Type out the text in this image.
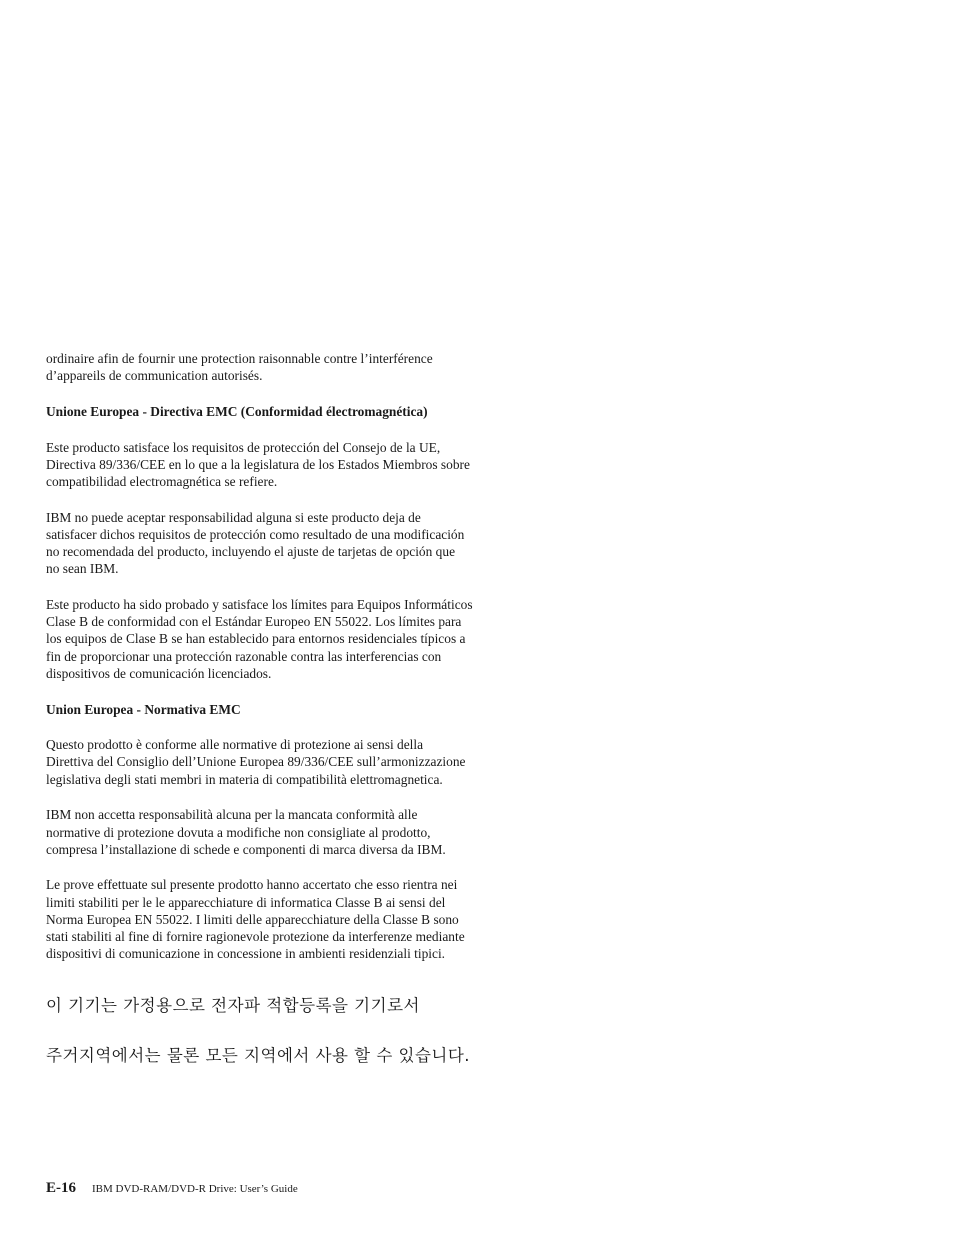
ordinaire afin de fournir une protection raisonnable contre l’interférence
d’appareils de communication autorisés.

Unione Europea - Directiva EMC (Conformidad électromagnética)

Este producto satisface los requisitos de protección del Consejo de la UE,
Directiva 89/336/CEE en lo que a la legislatura de los Estados Miembros sobre
compatibilidad electromagnética se refiere.

IBM no puede aceptar responsabilidad alguna si este producto deja de
satisfacer dichos requisitos de protección como resultado de una modificación
no recomendada del producto, incluyendo el ajuste de tarjetas de opción que
no sean IBM.

Este producto ha sido probado y satisface los límites para Equipos Informáticos
Clase B de conformidad con el Estándar Europeo EN 55022. Los límites para
los equipos de Clase B se han establecido para entornos residenciales típicos a
fin de proporcionar una protección razonable contra las interferencias con
dispositivos de comunicación licenciados.

Union Europea - Normativa EMC

Questo prodotto è conforme alle normative di protezione ai sensi della
Direttiva del Consiglio dell’Unione Europea 89/336/CEE sull’armonizzazione
legislativa degli stati membri in materia di compatibilità elettromagnetica.

IBM non accetta responsabilità alcuna per la mancata conformità alle
normative di protezione dovuta a modifiche non consigliate al prodotto,
compresa l’installazione di schede e componenti di marca diversa da IBM.

Le prove effettuate sul presente prodotto hanno accertato che esso rientra nei
limiti stabiliti per le le apparecchiature di informatica Classe B ai sensi del
Norma Europea EN 55022. I limiti delle apparecchiature della Classe B sono
stati stabiliti al fine di fornire ragionevole protezione da interferenze mediante
dispositivi di comunicazione in concessione in ambienti residenziali tipici.

이 기기는 가정용으로 전자파 적합등록을 기기로서
주거지역에서는 물론 모든 지역에서 사용 할 수 있습니다.
E-16 IBM DVD-RAM/DVD-R Drive: User’s Guide
